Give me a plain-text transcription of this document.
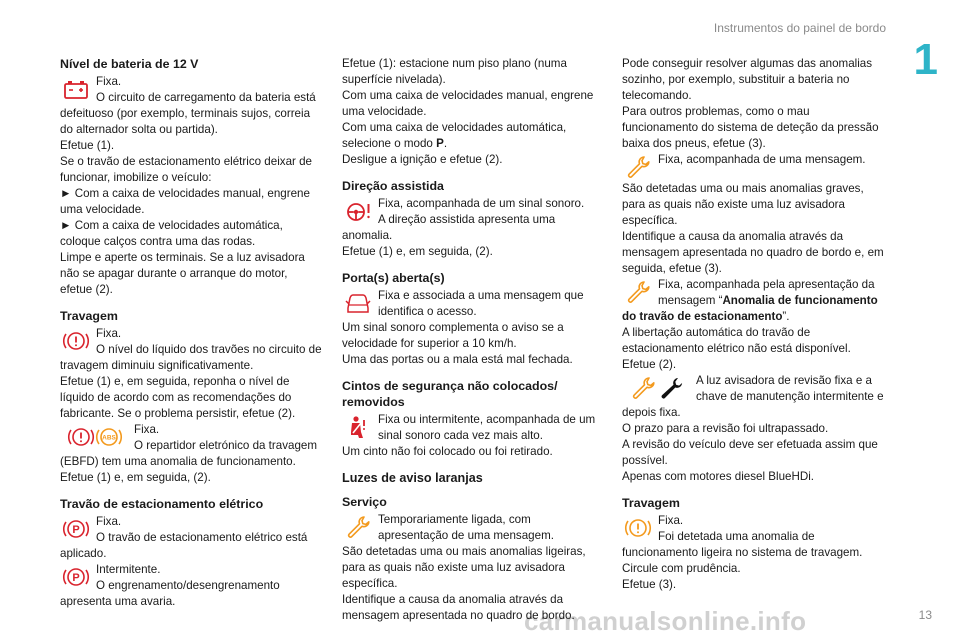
Instrumentos do painel de bordo
1
13
carmanualsonline.info
Nível de bateria de 12 V

Fixa.

O circuito de carregamento da bateria está defeituoso (por exemplo, terminais sujos, correia do alternador solta ou partida).

Efetue (1).

Se o travão de estacionamento elétrico deixar de funcionar, imobilize o veículo:

► Com a caixa de velocidades manual, engrene uma velocidade.

► Com a caixa de velocidades automática, coloque calços contra uma das rodas.

Limpe e aperte os terminais. Se a luz avisadora não se apagar durante o arranque do motor, efetue (2).

Travagem

Fixa.

O nível do líquido dos travões no circuito de travagem diminuiu significativamente.

Efetue (1) e, em seguida, reponha o nível de líquido de acordo com as recomendações do fabricante. Se o problema persistir, efetue (2).

ABS

Fixa.

O repartidor eletrónico da travagem (EBFD) tem uma anomalia de funcionamento.

Efetue (1) e, em seguida, (2).

Travão de estacionamento elétrico
P

Fixa.

O travão de estacionamento elétrico está aplicado.

P

Intermitente.

O engrenamento/desengrenamento apresenta uma avaria.

Efetue (1): estacione num piso plano (numa superfície nivelada).

Com uma caixa de velocidades manual, engrene uma velocidade.

Com uma caixa de velocidades automática, selecione o modo P.

Desligue a ignição e efetue (2).

Direção assistida

Fixa, acompanhada de um sinal sonoro.

A direção assistida apresenta uma anomalia.

Efetue (1) e, em seguida, (2).

Porta(s) aberta(s)

Fixa e associada a uma mensagem que identifica o acesso.

Um sinal sonoro complementa o aviso se a velocidade for superior a 10 km/h.

Uma das portas ou a mala está mal fechada.

Cintos de segurança não colocados/ removidos

Fixa ou intermitente, acompanhada de um sinal sonoro cada vez mais alto.

Um cinto não foi colocado ou foi retirado.

Luzes de aviso laranjas
Serviço

Temporariamente ligada, com apresentação de uma mensagem.

São detetadas uma ou mais anomalias ligeiras, para as quais não existe uma luz avisadora específica.

Identifique a causa da anomalia através da mensagem apresentada no quadro de bordo.

Pode conseguir resolver algumas das anomalias sozinho, por exemplo, substituir a bateria no telecomando.

Para outros problemas, como o mau funcionamento do sistema de deteção da pressão baixa dos pneus, efetue (3).

Fixa, acompanhada de uma mensagem.

São detetadas uma ou mais anomalias graves, para as quais não existe uma luz avisadora específica.

Identifique a causa da anomalia através da mensagem apresentada no quadro de bordo e, em seguida, efetue (3).

Fixa, acompanhada pela apresentação da mensagem “Anomalia de funcionamento do travão de estacionamento”.

A libertação automática do travão de estacionamento elétrico não está disponível.

Efetue (2).

A luz avisadora de revisão fixa e a chave de manutenção intermitente e depois fixa.

O prazo para a revisão foi ultrapassado.

A revisão do veículo deve ser efetuada assim que possível.

Apenas com motores diesel BlueHDi.

Travagem

Fixa.

Foi detetada uma anomalia de funcionamento ligeira no sistema de travagem.

Circule com prudência.

Efetue (3).
